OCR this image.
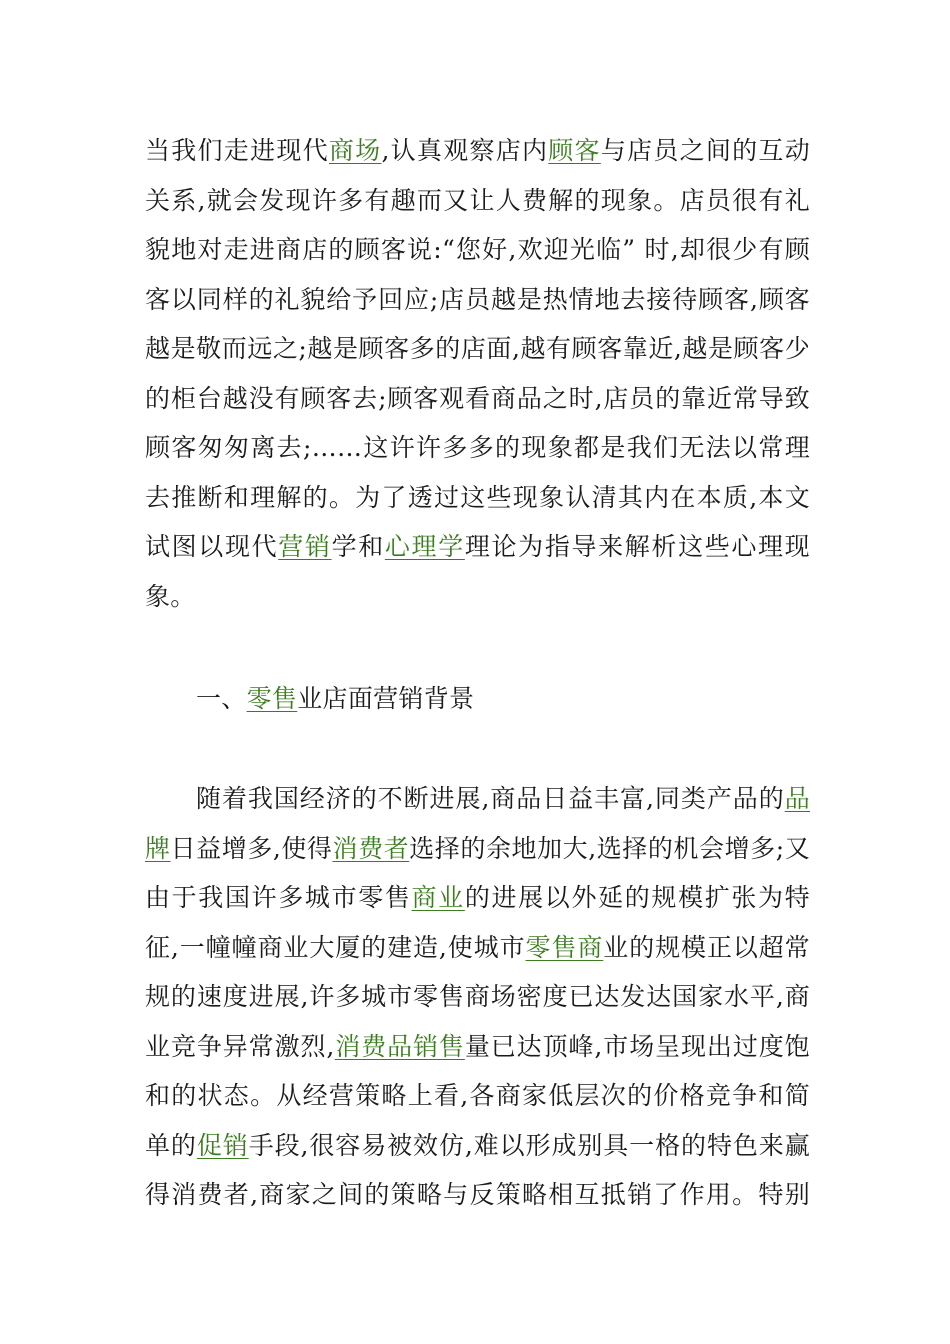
当我们走进现代商场,认真观察店内顾客与店员之间的互动
关系,就会发现许多有趣而又让人费解的现象。店员很有礼
貌地对走进商店的顾客说:“您好,欢迎光临” 时,却很少有顾
客以同样的礼貌给予回应;店员越是热情地去接待顾客,顾客
越是敬而远之;越是顾客多的店面,越有顾客靠近,越是顾客少
的柜台越没有顾客去;顾客观看商品之时,店员的靠近常导致
顾客匆匆离去;……这许许多多的现象都是我们无法以常理
去推断和理解的。为了透过这些现象认清其内在本质,本文
试图以现代营销学和心理学理论为指导来解析这些心理现
象。
一、零售业店面营销背景
随着我国经济的不断进展,商品日益丰富,同类产品的品
牌日益增多,使得消费者选择的余地加大,选择的机会增多;又
由于我国许多城市零售商业的进展以外延的规模扩张为特
征,一幢幢商业大厦的建造,使城市零售商业的规模正以超常
规的速度进展,许多城市零售商场密度已达发达国家水平,商
业竞争异常激烈,消费品销售量已达顶峰,市场呈现出过度饱
和的状态。从经营策略上看,各商家低层次的价格竞争和简
单的促销手段,很容易被效仿,难以形成别具一格的特色来赢
得消费者,商家之间的策略与反策略相互抵销了作用。特别
